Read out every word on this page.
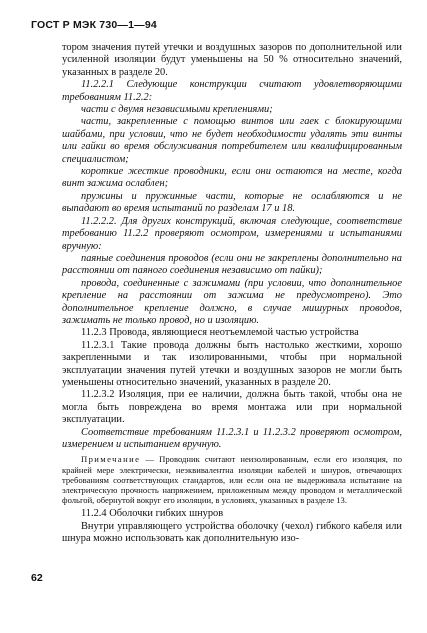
ГОСТ Р МЭК 730—1—94

тором значения путей утечки и воздушных зазоров по дополнительной или усиленной изоляции будут уменьшены на 50 % относительно значений, указанных в разделе 20.

11.2.2.1 Следующие конструкции считают удовлетворяющими требованиям 11.2.2:

части с двумя независимыми креплениями;

части, закрепленные с помощью винтов или гаек с блокирующими шайбами, при условии, что не будет необходимости удалять эти винты или гайки во время обслуживания потребителем или квалифицированным специалистом;

короткие жесткие проводники, если они остаются на месте, когда винт зажима ослаблен;

пружины и пружинные части, которые не ослабляются и не выпадают во время испытаний по разделам 17 и 18.

11.2.2.2. Для других конструкций, включая следующие, соответствие требованию 11.2.2 проверяют осмотром, измерениями и испытаниями вручную:

паяные соединения проводов (если они не закреплены дополнительно на расстоянии от паяного соединения независимо от пайки);

провода, соединенные с зажимами (при условии, что дополнительное крепление на расстоянии от зажима не предусмотрено). Это дополнительное крепление должно, в случае мишурных проводов, зажимать не только провод, но и изоляцию.

11.2.3 Провода, являющиеся неотъемлемой частью устройства

11.2.3.1 Такие провода должны быть настолько жесткими, хорошо закрепленными и так изолированными, чтобы при нормальной эксплуатации значения путей утечки и воздушных зазоров не могли быть уменьшены относительно значений, указанных в разделе 20.

11.2.3.2 Изоляция, при ее наличии, должна быть такой, чтобы она не могла быть повреждена во время монтажа или при нормальной эксплуатации.

Соответствие требованиям 11.2.3.1 и 11.2.3.2 проверяют осмотром, измерением и испытанием вручную.

Примечание — Проводник считают неизолированным, если его изоляция, по крайней мере электрически, неэквивалентна изоляции кабелей и шнуров, отвечающих требованиям соответствующих стандартов, или если она не выдерживала испытание на электрическую прочность напряжением, приложенным между проводом и металлической фольгой, обернутой вокруг его изоляции, в условиях, указанных в разделе 13.

11.2.4 Оболочки гибких шнуров

Внутри управляющего устройства оболочку (чехол) гибкого кабеля или шнура можно использовать как дополнительную изо-

62
